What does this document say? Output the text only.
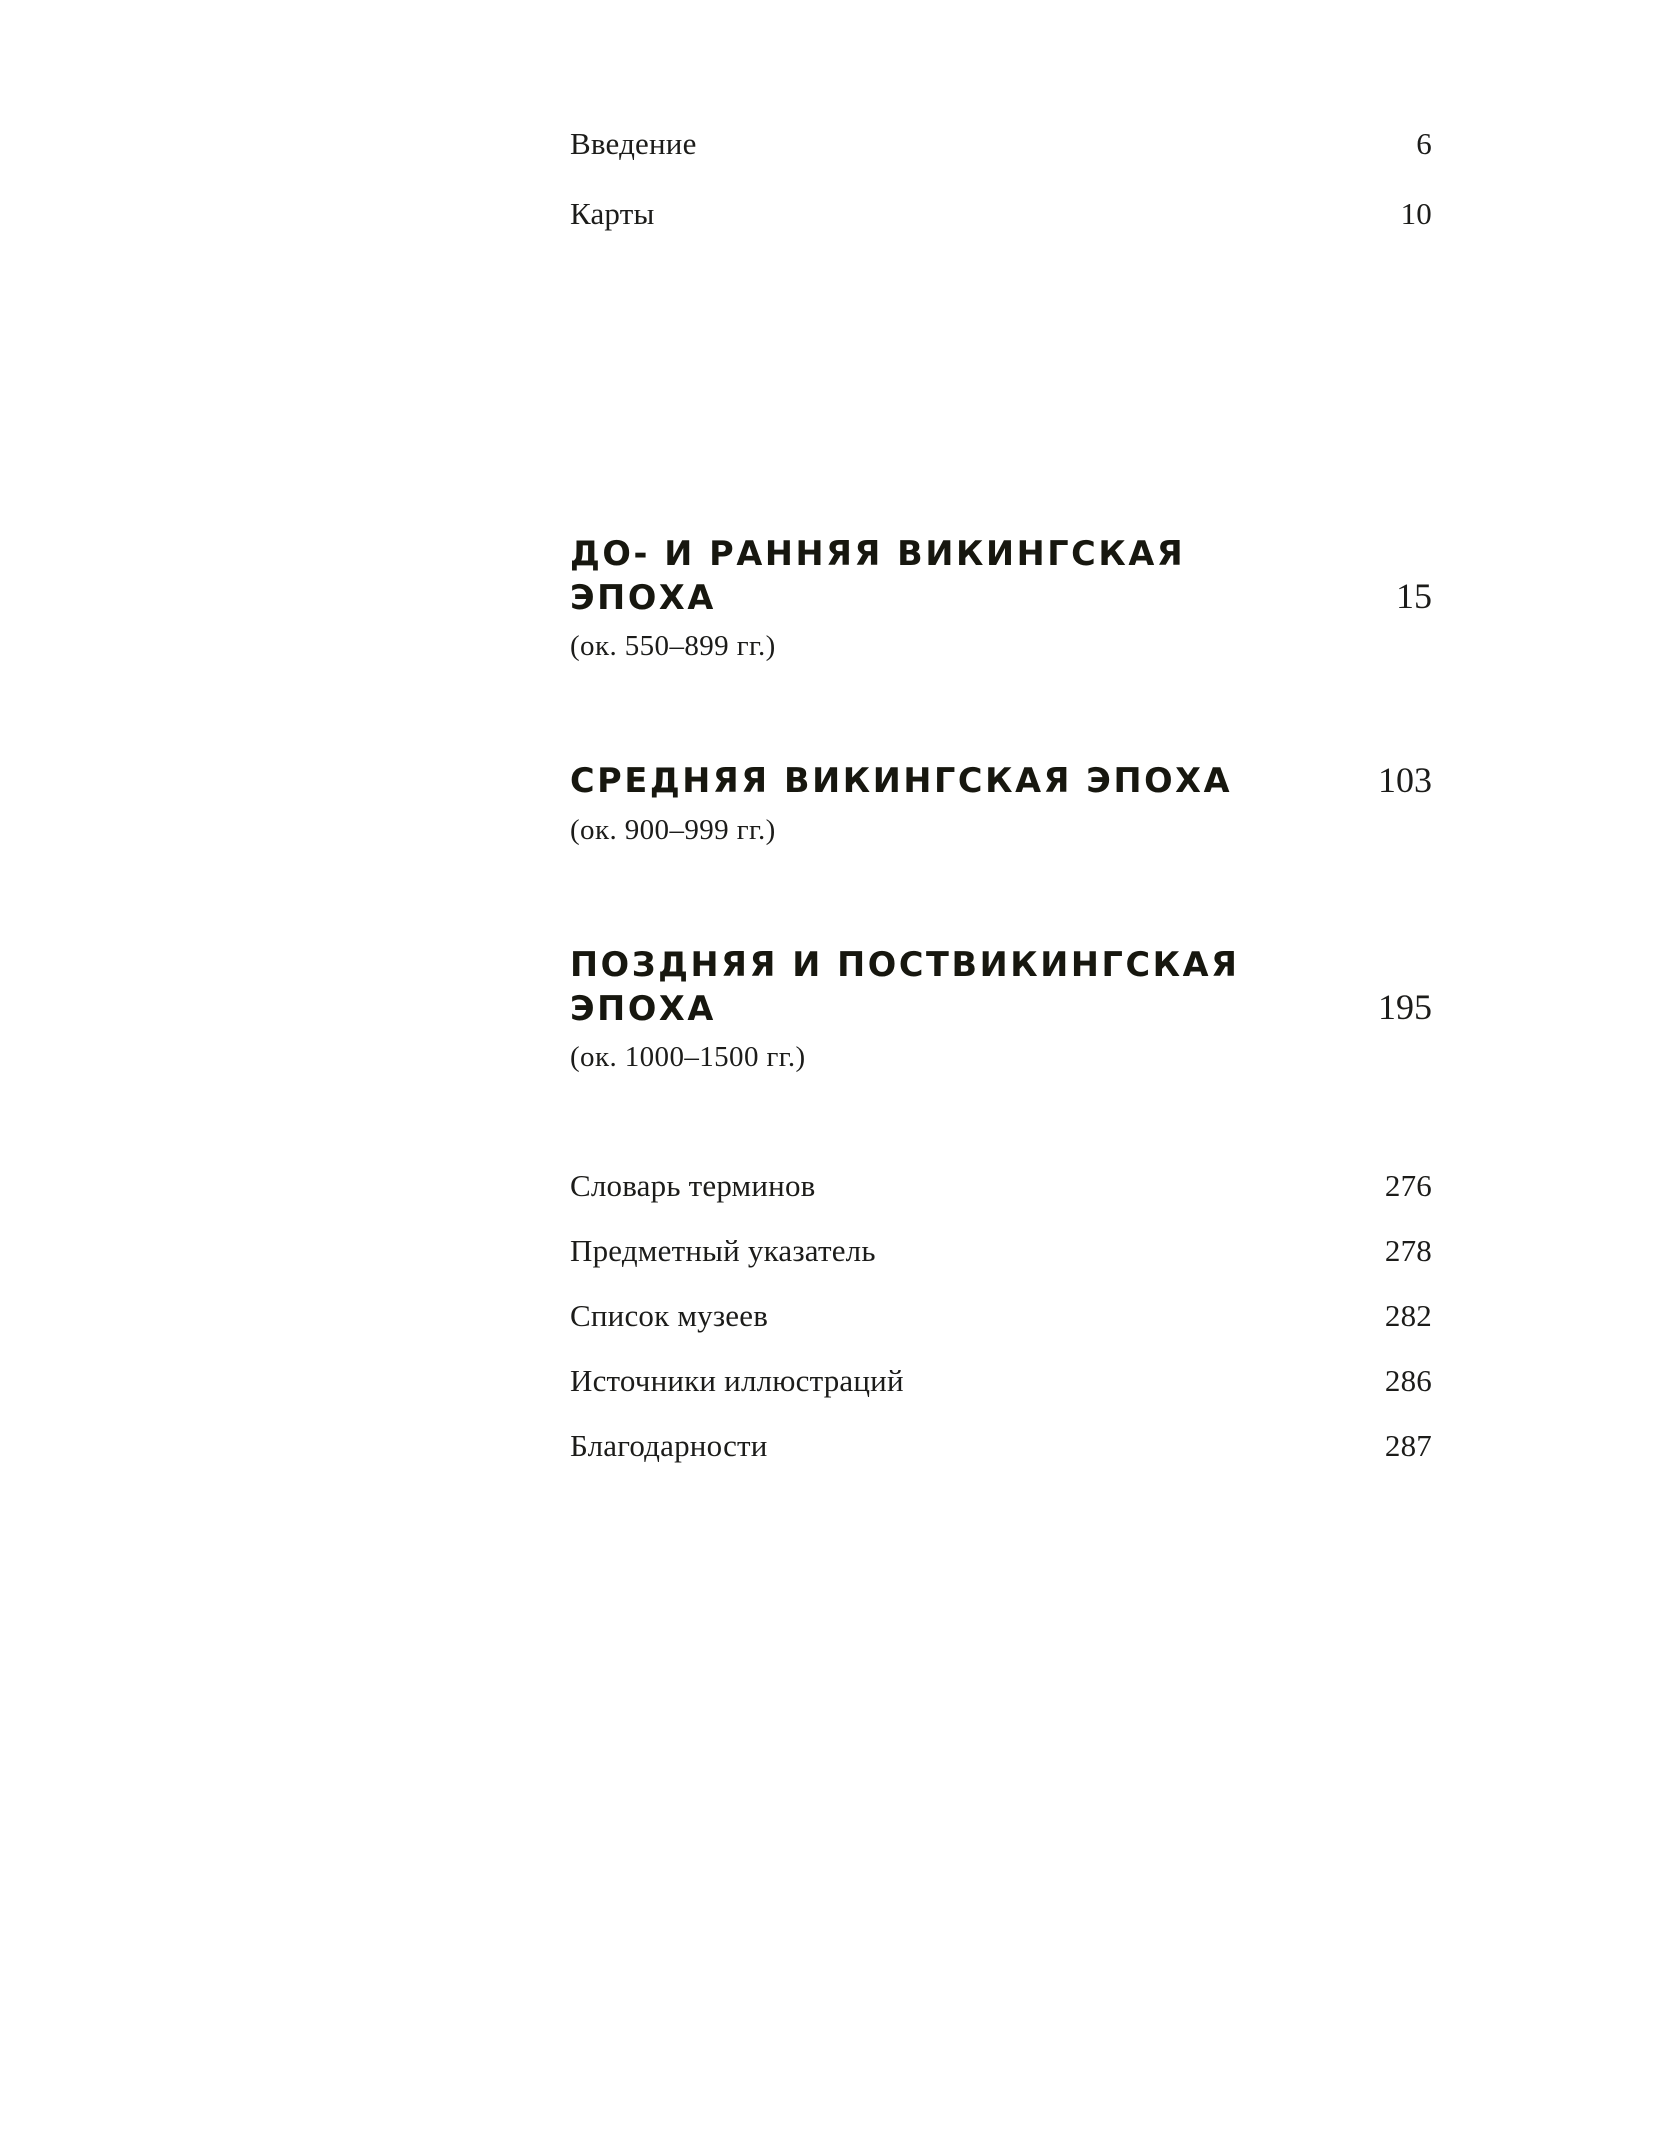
Введение	6
Карты	10
ДО- И РАННЯЯ ВИКИНГСКАЯ ЭПОХА	15
(ок. 550–899 гг.)
СРЕДНЯЯ ВИКИНГСКАЯ ЭПОХА	103
(ок. 900–999 гг.)
ПОЗДНЯЯ И ПОСТВИКИНГСКАЯ ЭПОХА	195
(ок. 1000–1500 гг.)
Словарь терминов	276
Предметный указатель	278
Список музеев	282
Источники иллюстраций	286
Благодарности	287
